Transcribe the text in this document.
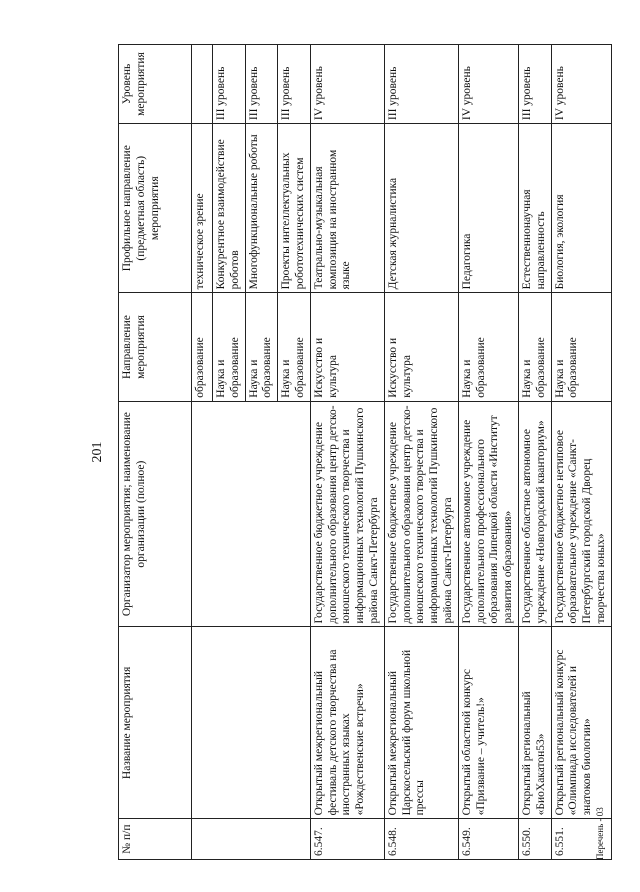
201
№ п/п	Название мероприятия	Организатор мероприятия; наименование организации (полное)	Направление мероприятия	Профильное направление (предметная область) мероприятия	Уровень мероприятия
			образование	техническое зрение	
			Наука и образование	Конкурентное взаимодействие роботов	III уровень
			Наука и образование	Многофункциональные роботы	III уровень
			Наука и образование	Проекты интеллектуальных робототехнических систем	III уровень
6.547.	Открытый межрегиональный фестиваль детского творчества на иностранных языках «Рождественские встречи»	Государственное бюджетное учреждение дополнительного образования центр детско-юношеского технического творчества и информационных технологий Пушкинского района Санкт-Петербурга	Искусство и культура	Театрально-музыкальная композиция на иностранном языке	IV уровень
6.548.	Открытый межрегиональный Царскосельский форум школьной прессы	Государственное бюджетное учреждение дополнительного образования центр детско-юношеского технического творчества и информационных технологий Пушкинского района Санкт-Петербурга	Искусство и культура	Детская журналистика	III уровень
6.549.	Открытый областной конкурс «Призвание – учитель!»	Государственное автономное учреждение дополнительного профессионального образования Липецкой области «Институт развития образования»	Наука и образование	Педагогика	IV уровень
6.550.	Открытый региональный «БиоХакатон53»	Государственное областное автономное учреждение «Новгородский кванториум»	Наука и образование	Естественнонаучная направленность	III уровень
6.551.	Открытый региональный конкурс «Олимпиада исследователей и знатоков биологии»	Государственное бюджетное нетиповое образовательное учреждение «Санкт-Петербургский городской Дворец творчества юных»	Наука и образование	Биология, экология	IV уровень
Перечень - 03
